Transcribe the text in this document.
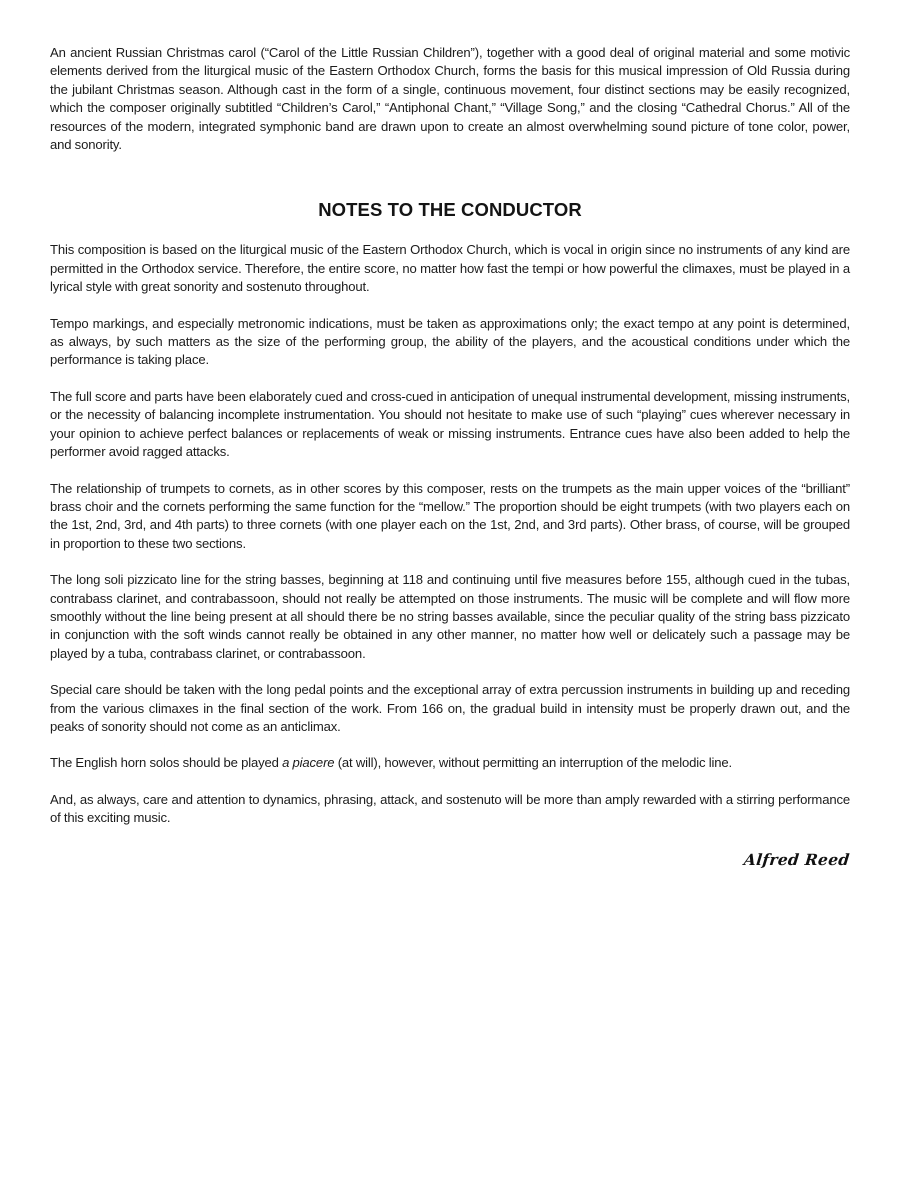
An ancient Russian Christmas carol (“Carol of the Little Russian Children”), together with a good deal of original material and some motivic elements derived from the liturgical music of the Eastern Orthodox Church, forms the basis for this musical impression of Old Russia during the jubilant Christmas season. Although cast in the form of a single, continuous movement, four distinct sections may be easily recognized, which the composer originally subtitled “Children’s Carol,” “Antiphonal Chant,” “Village Song,” and the closing “Cathedral Chorus.” All of the resources of the modern, integrated symphonic band are drawn upon to create an almost overwhelming sound picture of tone color, power, and sonority.

NOTES TO THE CONDUCTOR

This composition is based on the liturgical music of the Eastern Orthodox Church, which is vocal in origin since no instruments of any kind are permitted in the Orthodox service. Therefore, the entire score, no matter how fast the tempi or how powerful the climaxes, must be played in a lyrical style with great sonority and sostenuto throughout.

Tempo markings, and especially metronomic indications, must be taken as approximations only; the exact tempo at any point is determined, as always, by such matters as the size of the performing group, the ability of the players, and the acoustical conditions under which the performance is taking place.

The full score and parts have been elaborately cued and cross-cued in anticipation of unequal instrumental development, missing instruments, or the necessity of balancing incomplete instrumentation. You should not hesitate to make use of such “playing” cues wherever necessary in your opinion to achieve perfect balances or replacements of weak or missing instruments. Entrance cues have also been added to help the performer avoid ragged attacks.

The relationship of trumpets to cornets, as in other scores by this composer, rests on the trumpets as the main upper voices of the “brilliant” brass choir and the cornets performing the same function for the “mellow.” The proportion should be eight trumpets (with two players each on the 1st, 2nd, 3rd, and 4th parts) to three cornets (with one player each on the 1st, 2nd, and 3rd parts). Other brass, of course, will be grouped in proportion to these two sections.

The long soli pizzicato line for the string basses, beginning at 118 and continuing until five measures before 155, although cued in the tubas, contrabass clarinet, and contrabassoon, should not really be attempted on those instruments. The music will be complete and will flow more smoothly without the line being present at all should there be no string basses available, since the peculiar quality of the string bass pizzicato in conjunction with the soft winds cannot really be obtained in any other manner, no matter how well or delicately such a passage may be played by a tuba, contrabass clarinet, or contrabassoon.

Special care should be taken with the long pedal points and the exceptional array of extra percussion instruments in building up and receding from the various climaxes in the final section of the work. From 166 on, the gradual build in intensity must be properly drawn out, and the peaks of sonority should not come as an anticlimax.

The English horn solos should be played a piacere (at will), however, without permitting an interruption of the melodic line.

And, as always, care and attention to dynamics, phrasing, attack, and sostenuto will be more than amply rewarded with a stirring performance of this exciting music.

Alfred Reed
